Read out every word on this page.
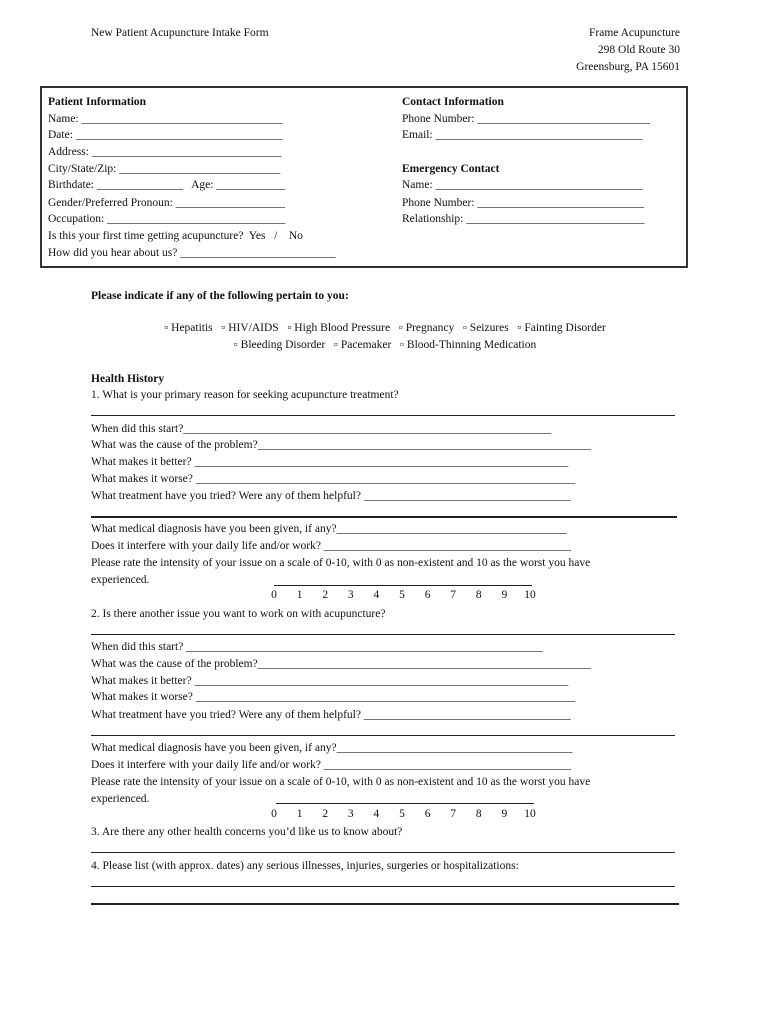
New Patient Acupuncture Intake Form	Frame Acupuncture
298 Old Route 30
Greensburg, PA 15601
Patient Information
Name: ___________________________________
Date: ____________________________________
Address: _________________________________
City/State/Zip: ____________________________
Birthdate: _______________   Age: ____________
Gender/Preferred Pronoun: ___________________
Occupation: _______________________________
Is this your first time getting acupuncture?  Yes   /    No
How did you hear about us? ___________________________
Contact Information
Phone Number: ______________________________
Email: ____________________________________
Emergency Contact
Name: ____________________________________
Phone Number: _____________________________
Relationship: _______________________________
Please indicate if any of the following pertain to you:
▫ Hepatitis   ▫ HIV/AIDS   ▫ High Blood Pressure   ▫ Pregnancy   ▫ Seizures   ▫ Fainting Disorder
▫ Bleeding Disorder   ▫ Pacemaker   ▫ Blood-Thinning Medication
Health History
1. What is your primary reason for seeking acupuncture treatment?
When did this start?________________________________________________________________
What was the cause of the problem?__________________________________________________________
What makes it better? _________________________________________________________________
What makes it worse? __________________________________________________________________
What treatment have you tried? Were any of them helpful? ____________________________________
What medical diagnosis have you been given, if any?________________________________________
Does it interfere with your daily life and/or work? ___________________________________________
Please rate the intensity of your issue on a scale of 0-10, with 0 as non-existent and 10 as the worst you have
experienced.
0 1 2 3 4 5 6 7 8 9 10
2. Is there another issue you want to work on with acupuncture?
When did this start? ______________________________________________________________
What was the cause of the problem?__________________________________________________________
What makes it better? _________________________________________________________________
What makes it worse? __________________________________________________________________
What treatment have you tried? Were any of them helpful? ____________________________________
What medical diagnosis have you been given, if any?_________________________________________
Does it interfere with your daily life and/or work? ___________________________________________
Please rate the intensity of your issue on a scale of 0-10, with 0 as non-existent and 10 as the worst you have
experienced.
0 1 2 3 4 5 6 7 8 9 10
3. Are there any other health concerns you’d like us to know about?
4. Please list (with approx. dates) any serious illnesses, injuries, surgeries or hospitalizations:
